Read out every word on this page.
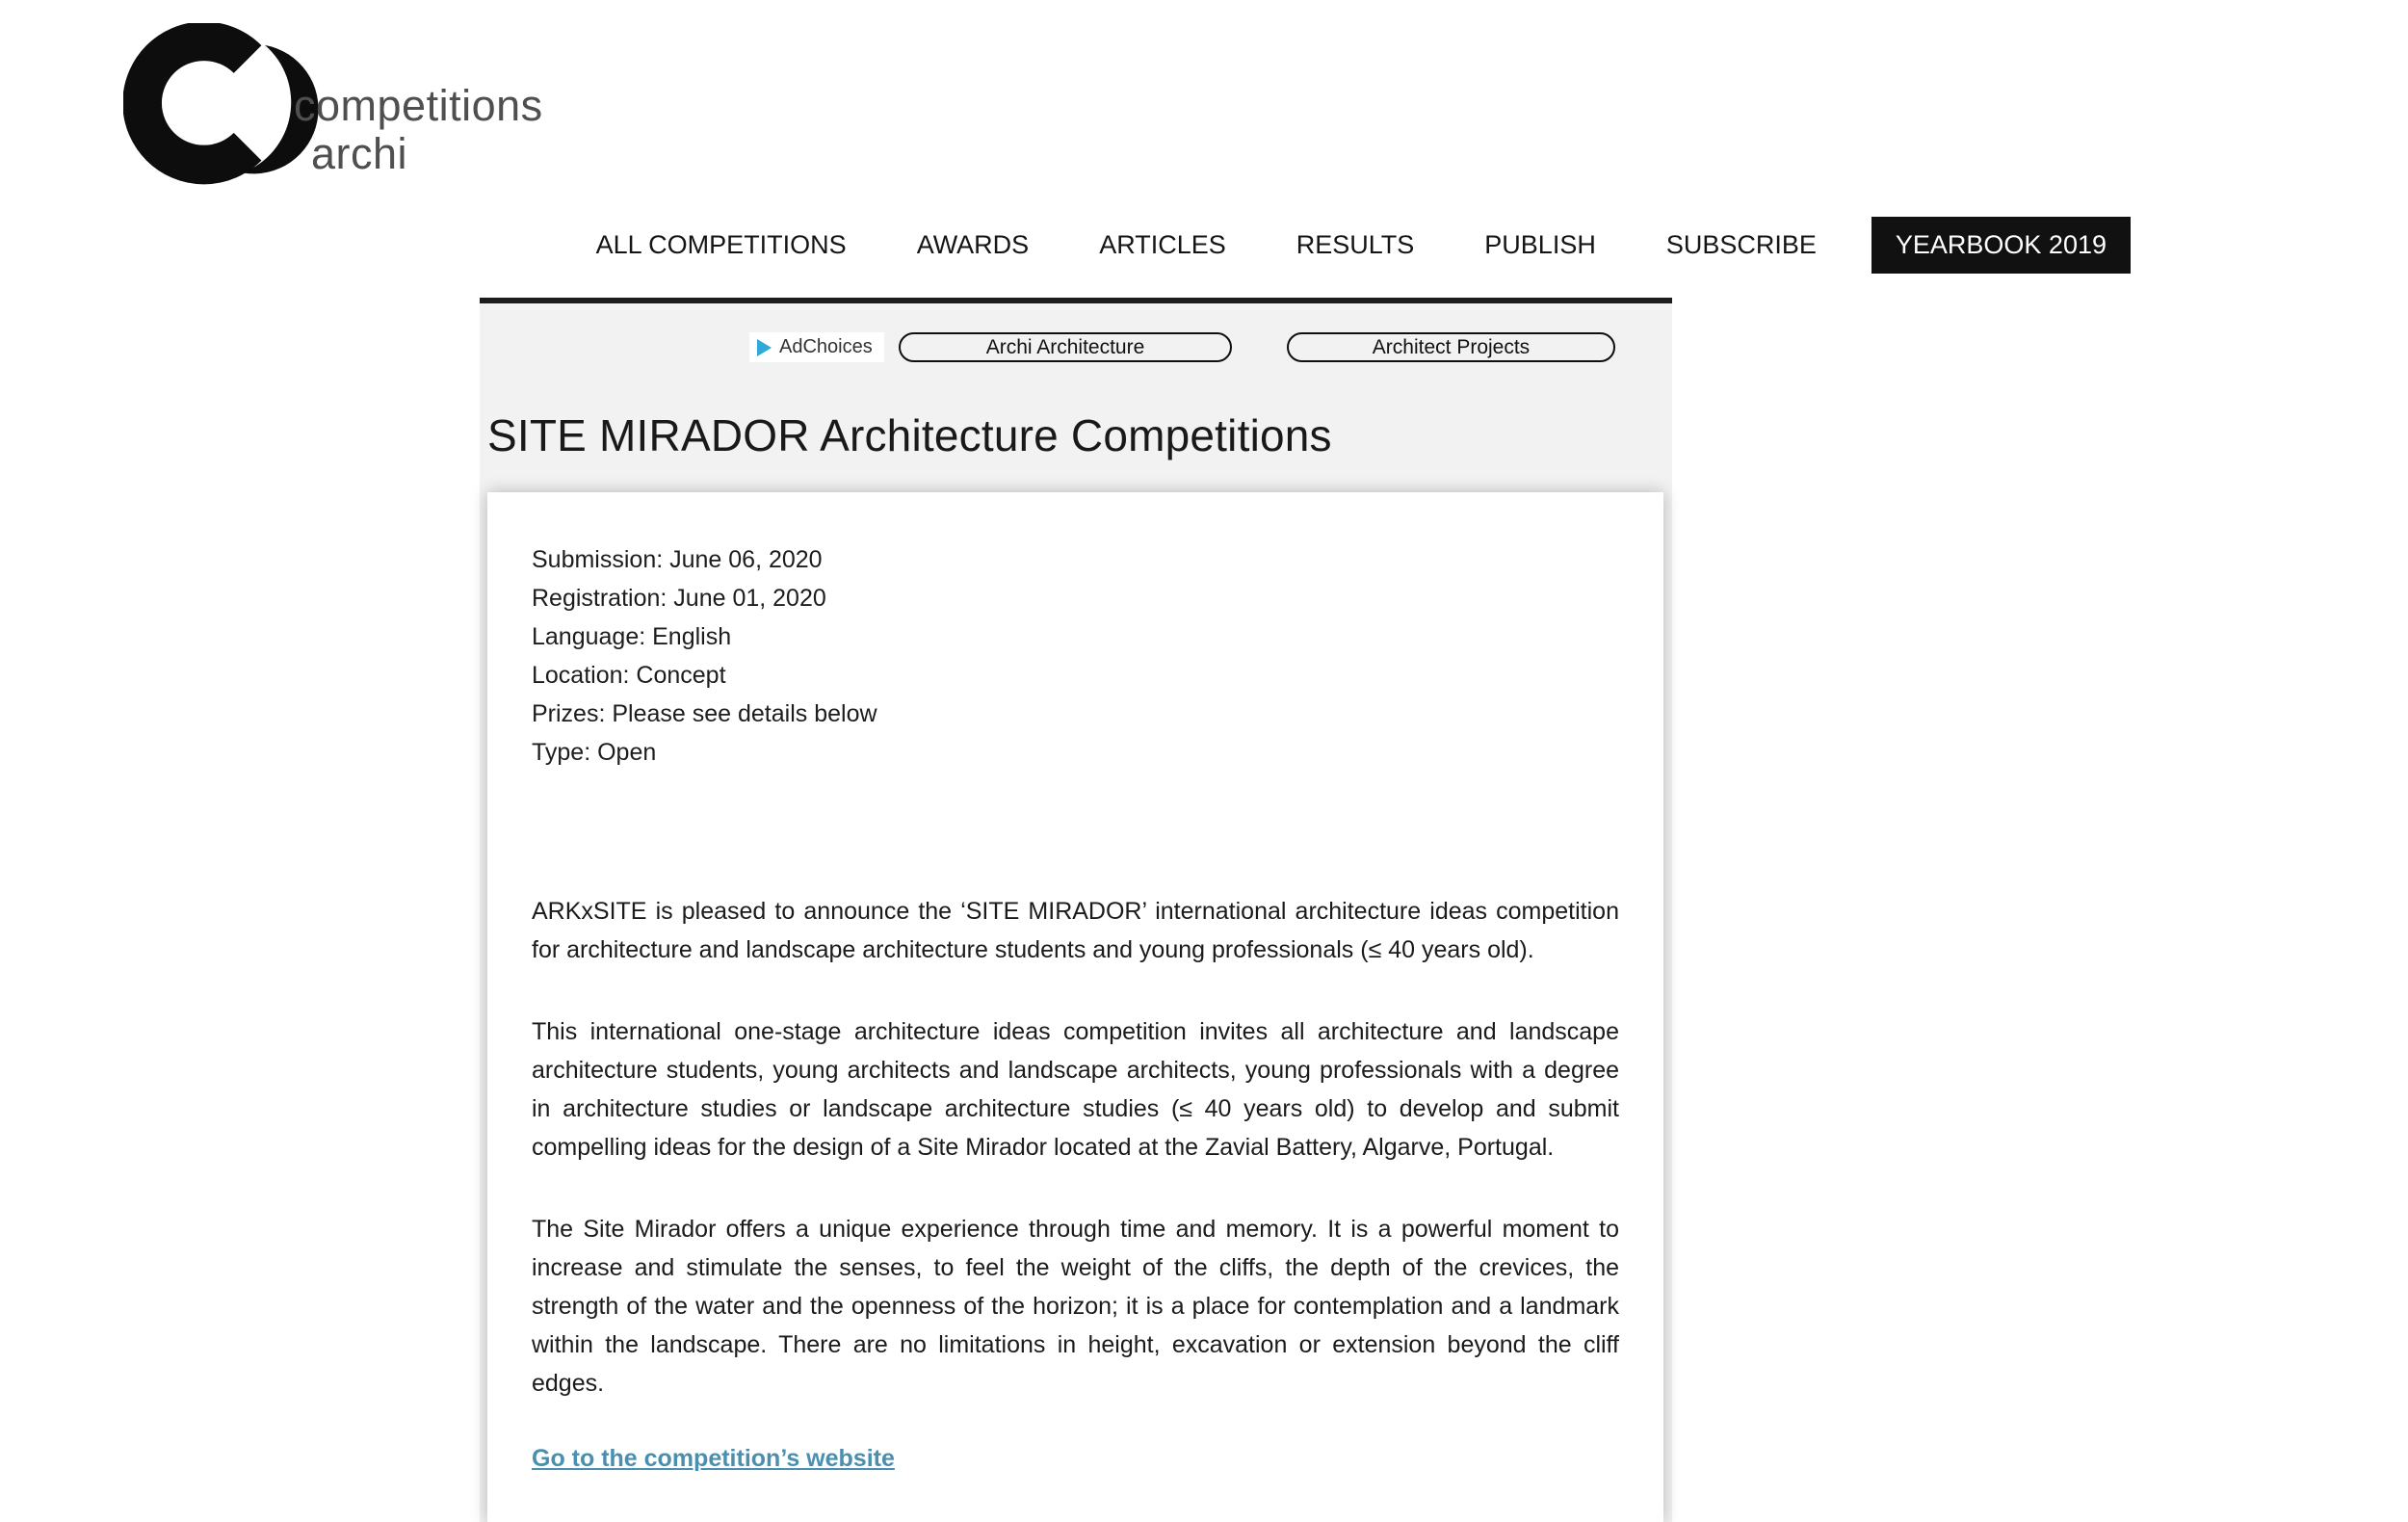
competitions
archi
ALL COMPETITIONS	AWARDS	ARTICLES	RESULTS	PUBLISH	SUBSCRIBE	YEARBOOK 2019
AdChoices	Archi Architecture	Architect Projects
SITE MIRADOR Architecture Competitions
Submission: June 06, 2020
Registration: June 01, 2020
Language: English
Location: Concept
Prizes: Please see details below
Type: Open

ARKxSITE is pleased to announce the ‘SITE MIRADOR’ international architecture ideas competition for architecture and landscape architecture students and young professionals (≤ 40 years old).

This international one-stage architecture ideas competition invites all architecture and landscape architecture students, young architects and landscape architects, young professionals with a degree in architecture studies or landscape architecture studies (≤ 40 years old) to develop and submit compelling ideas for the design of a Site Mirador located at the Zavial Battery, Algarve, Portugal.

The Site Mirador offers a unique experience through time and memory. It is a powerful moment to increase and stimulate the senses, to feel the weight of the cliffs, the depth of the crevices, the strength of the water and the openness of the horizon; it is a place for contemplation and a landmark within the landscape. There are no limitations in height, excavation or extension beyond the cliff edges.

Go to the competition’s website
